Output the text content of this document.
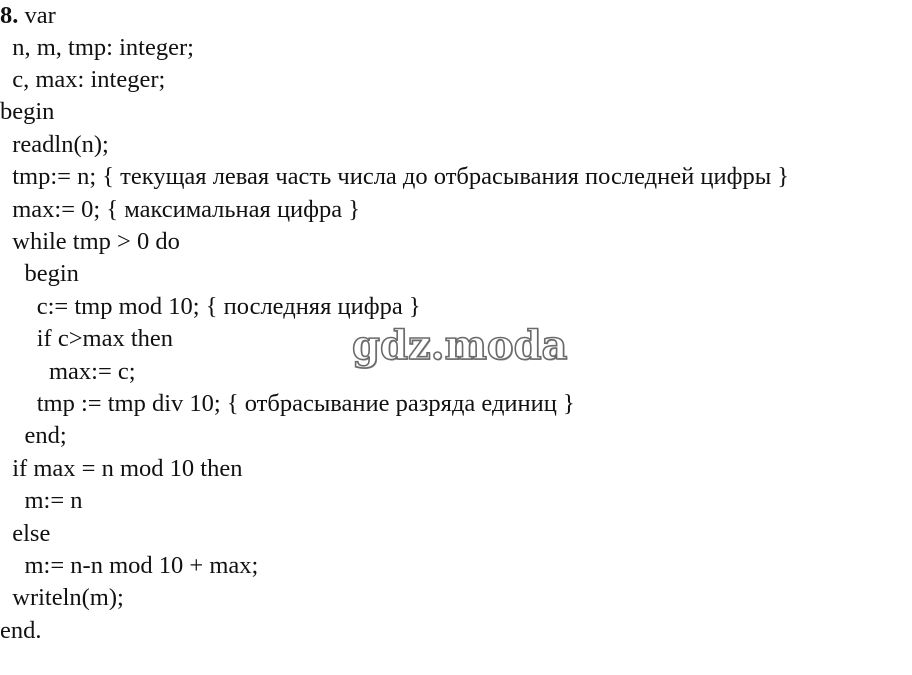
8. var
n, m, tmp: integer;
c, max: integer;
begin
readln(n);
tmp:= n; { текущая левая часть числа до отбрасывания последней цифры }
max:= 0; { максимальная цифра }
while tmp > 0 do
begin
c:= tmp mod 10; { последняя цифра }
if c>max then
max:= c;
tmp := tmp div 10; { отбрасывание разряда единиц }
end;
if max = n mod 10 then
m:= n
else
m:= n-n mod 10 + max;
writeln(m);
end.
gdz.moda
